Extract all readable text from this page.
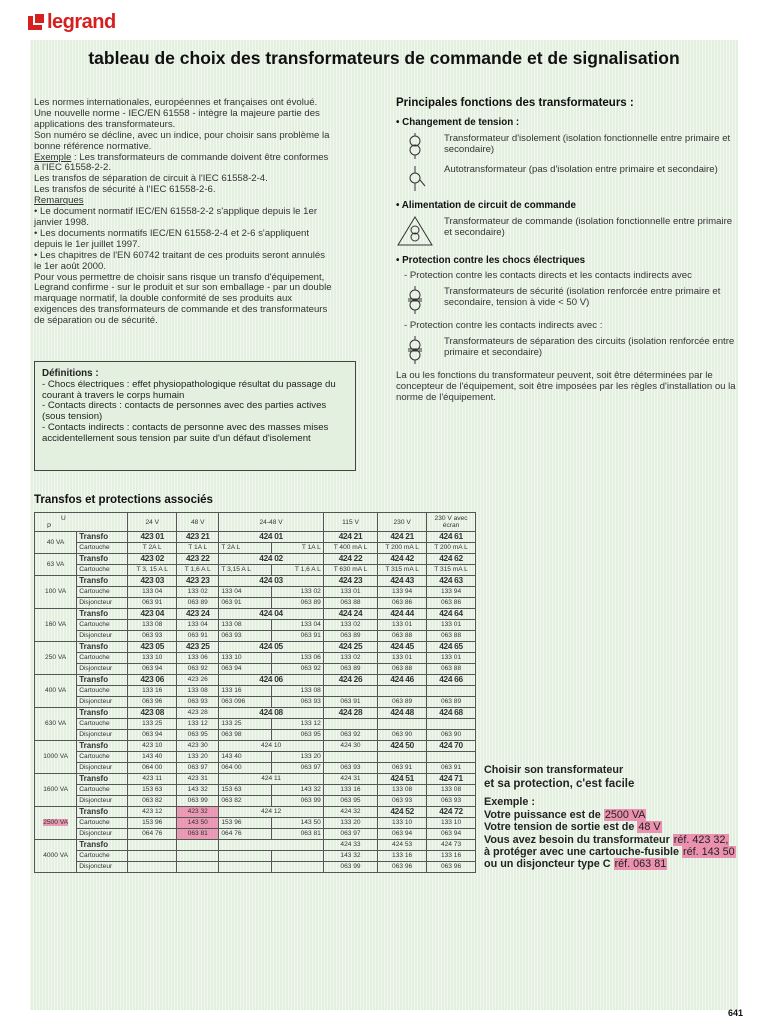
legrand
tableau de choix des transformateurs de commande et de signalisation

Les normes internationales, européennes et françaises ont évolué. Une nouvelle norme - IEC/EN 61558 - intègre la majeure partie des applications des transformateurs.

Son numéro se décline, avec un indice, pour choisir sans problème la bonne référence normative.

Exemple : Les transformateurs de commande doivent être conformes à l'IEC 61558-2-2.

Les transfos de séparation de circuit à l'IEC 61558-2-4.

Les transfos de sécurité à l'IEC 61558-2-6.

Remarques

• Le document normatif IEC/EN 61558-2-2 s'applique depuis le 1er janvier 1998.

• Les documents normatifs IEC/EN 61558-2-4 et 2-6 s'appliquent depuis le 1er juillet 1997.

• Les chapitres de l'EN 60742 traitant de ces produits seront annulés le 1er août 2000.

Pour vous permettre de choisir sans risque un transfo d'équipement, Legrand confirme - sur le produit et sur son emballage - par un double marquage normatif, la double conformité de ses produits aux exigences des transformateurs de commande et des transformateurs de séparation ou de sécurité.

Définitions :

- Chocs électriques : effet physiopathologique résultat du passage du courant à travers le corps humain

- Contacts directs : contacts de personnes avec des parties actives (sous tension)

- Contacts indirects : contacts de personne avec des masses mises accidentellement sous tension par suite d'un défaut d'isolement

Principales fonctions des transformateurs :
• Changement de tension :
Transformateur d'isolement (isolation fonctionnelle entre primaire et secondaire)
Autotransformateur (pas d'isolation entre primaire et secondaire)
• Alimentation de circuit de commande
Transformateur de commande (isolation fonctionnelle entre primaire et secondaire)
• Protection contre les chocs électriques
- Protection contre les contacts directs et les contacts indirects avec
Transformateurs de sécurité (isolation renforcée entre primaire et secondaire, tension à vide < 50 V)
- Protection contre les contacts indirects avec :
Transformateurs de séparation des circuits (isolation renforcée entre primaire et secondaire)
La ou les fonctions du transformateur peuvent, soit être déterminées par le concepteur de l'équipement, soit être imposées par les règles d'installation ou la norme de l'équipement.
Transfos et protections associés
U
P		24 V	48 V	24-48 V		115 V	230 V	230 V avec écran
40 VA	Transfo	423 01	423 21	424 01		424 21	424 21	424 61
	Cartouche	T 2A L	T 1A L	T 2A L	T 1A L	T 400 mA L	T 200 mA L	T 200 mA L
63 VA	Transfo	423 02	423 22	424 02		424 22	424 42	424 62
	Cartouche	T 3, 15 A L	T 1,6 A L	T 3,15 A L	T 1,6 A L	T 630 mA L	T 315 mA L	T 315 mA L
100 VA	Transfo	423 03	423 23	424 03		424 23	424 43	424 63
	Cartouche	133 04	133 02	133 04	133 02	133 01	133 94	133 94
	Disjoncteur	063 91	063 89	063 91	063 89	063 88	063 86	063 86
160 VA	Transfo	423 04	423 24	424 04		424 24	424 44	424 64
	Cartouche	133 08	133 04	133 08	133 04	133 02	133 01	133 01
	Disjoncteur	063 93	063 91	063 93	063 91	063 89	063 88	063 88
250 VA	Transfo	423 05	423 25	424 05		424 25	424 45	424 65
	Cartouche	133 10	133 06	133 10	133 06	133 02	133 01	133 01
	Disjoncteur	063 94	063 92	063 94	063 92	063 89	063 88	063 88
400 VA	Transfo	423 06	423 26	424 06		424 26	424 46	424 66
	Cartouche	133 16	133 08	133 16	133 08			
	Disjoncteur	063 96	063 93	063 096	063 93	063 91	063 89	063 89
630 VA	Transfo	423 08	423 28	424 08		424 28	424 48	424 68
	Cartouche	133 25	133 12	133 25	133 12			
	Disjoncteur	063 94	063 95	063 98	063 95	063 92	063 90	063 90
1000 VA	Transfo	423 10	423 30	424 10		424 30	424 50	424 70
	Cartouche	143 40	133 20	143 40	133 20			
	Disjoncteur	064 00	063 97	064 00	063 97	063 93	063 91	063 91
1600 VA	Transfo	423 11	423 31	424 11		424 31	424 51	424 71
	Cartouche	153 63	143 32	153 63	143 32	133 16	133 08	133 08
	Disjoncteur	063 82	063 99	063 82	063 99	063 95	063 93	063 93
2500 VA	Transfo	423 12	423 32	424 12		424 32	424 52	424 72
	Cartouche	153 96	143 50	153 96	143 50	133 20	133 10	133 10
	Disjoncteur	064 76	063 81	064 76	063 81	063 97	063 94	063 94
4000 VA	Transfo					424 33	424 53	424 73
	Cartouche					143 32	133 16	133 16
	Disjoncteur					063 99	063 96	063 96

Choisir son transformateur

et sa protection, c'est facile

Exemple :

Votre puissance est de 2500 VA

Votre tension de sortie est de 48 V

Vous avez besoin du transformateur réf. 423 32,

à protéger avec une cartouche-fusible réf. 143 50

ou un disjoncteur type C réf. 063 81

641
